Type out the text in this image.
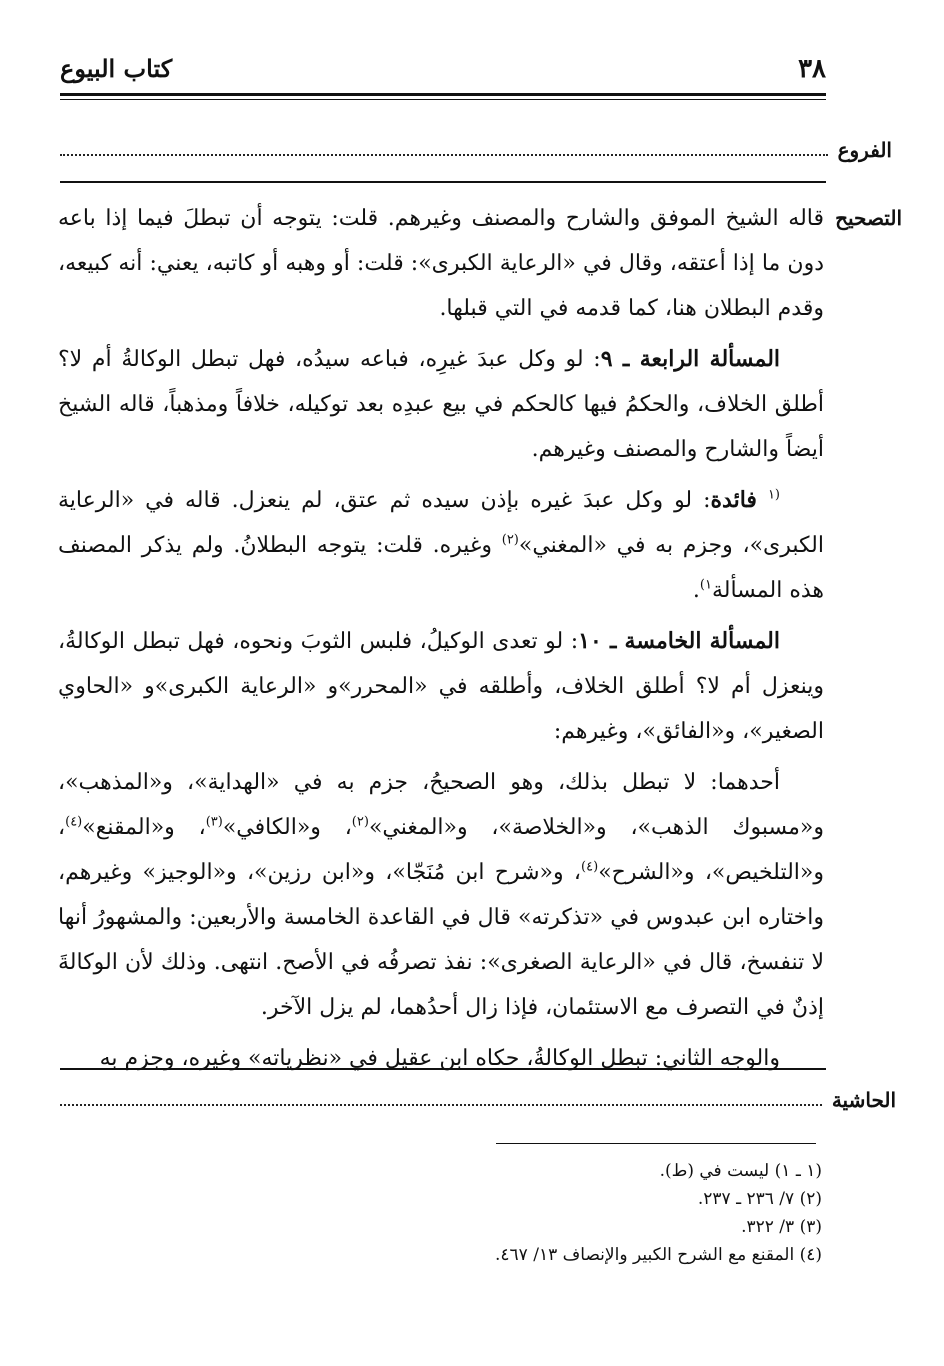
٣٨
كتاب البيوع
الفروع
التصحيح

قاله الشيخ الموفق والشارح والمصنف وغيرهم. قلت: يتوجه أن تبطلَ فيما إذا باعه دون ما إذا أعتقه، وقال في «الرعاية الكبرى»: قلت: أو وهبه أو كاتبه، يعني: أنه كبيعه، وقدم البطلان هنا، كما قدمه في التي قبلها.

المسألة الرابعة ـ ٩: لو وكل عبدَ غيرِه، فباعه سيدُه، فهل تبطل الوكالةُ أم لا؟ أطلق الخلاف، والحكمُ فيها كالحكم في بيع عبدِه بعد توكيله، خلافاً ومذهباً، قاله الشيخ أيضاً والشارح والمصنف وغيرهم.

$^{(١}$ فائدة: لو وكل عبدَ غيره بإذن سيده ثم عتق، لم ينعزل. قاله في «الرعاية الكبرى»، وجزم به في «المغني»$^{(٢)}$ وغيره. قلت: يتوجه البطلانُ. ولم يذكر المصنف هذه المسألة$^{١)}$.

المسألة الخامسة ـ ١٠: لو تعدى الوكيلُ، فلبس الثوبَ ونحوه، فهل تبطل الوكالةُ، وينعزل أم لا؟ أطلق الخلاف، وأطلقه في «المحرر»و «الرعاية الكبرى»و «الحاوي الصغير»، و«الفائق»، وغيرهم:

أحدهما: لا تبطل بذلك، وهو الصحيحُ، جزم به في «الهداية»، و«المذهب»، و«مسبوك الذهب»، و«الخلاصة»، و«المغني»$^{(٢)}$، و«الكافي»$^{(٣)}$، و«المقنع»$^{(٤)}$، و«التلخيص»، و«الشرح»$^{(٤)}$، و«شرح ابن مُنَجّا»، و«ابن رزين»، و«الوجيز» وغيرهم، واختاره ابن عبدوس في «تذكرته» قال في القاعدة الخامسة والأربعين: والمشهورُ أنها لا تنفسخ، قال في «الرعاية الصغرى»: نفذ تصرفُه في الأصح. انتهى. وذلك لأن الوكالةَ إذنٌ في التصرف مع الاستئمان، فإذا زال أحدُهما، لم يزل الآخر.

والوجه الثاني: تبطل الوكالةُ، حكاه ابن عقيل في «نظرياته» وغيره، وجزم به

الحاشية
(١ ـ ١) ليست في (ط).
(٢) ٧/ ٢٣٦ ـ ٢٣٧.
(٣) ٣/ ٣٢٢.
(٤) المقنع مع الشرح الكبير والإنصاف ١٣/ ٤٦٧.
